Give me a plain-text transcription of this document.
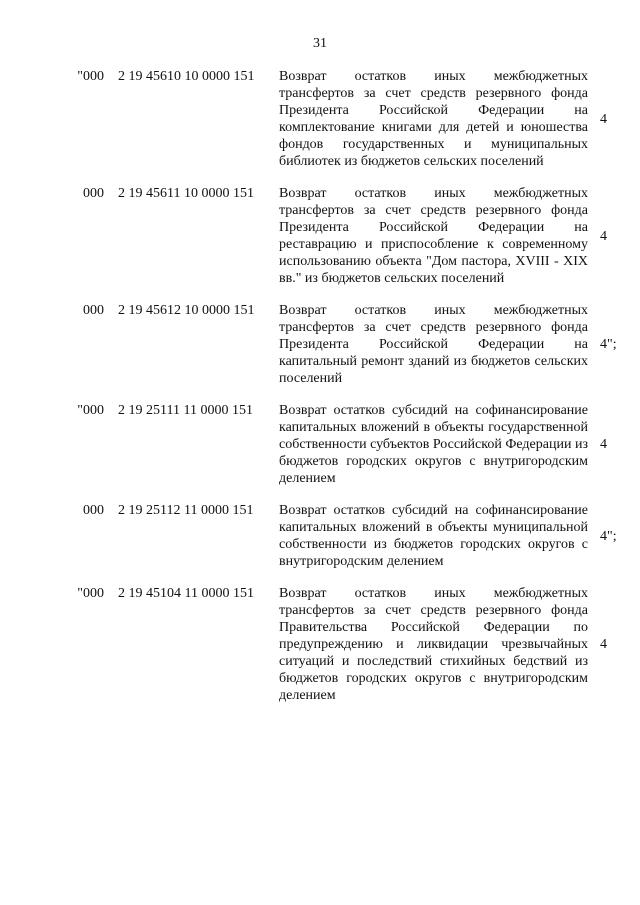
31
"000 2 19 45610 10 0000 151 Возврат остатков иных межбюджетных трансфертов за счет средств резервного фонда Президента Российской Федерации на комплектование книгами для детей и юношества фондов государственных и муниципальных библиотек из бюджетов сельских поселений
4
000 2 19 45611 10 0000 151 Возврат остатков иных межбюджетных трансфертов за счет средств резервного фонда Президента Российской Федерации на реставрацию и приспособление к современному использованию объекта "Дом пастора, XVIII - XIX вв." из бюджетов сельских поселений
4
000 2 19 45612 10 0000 151 Возврат остатков иных межбюджетных трансфертов за счет средств резервного фонда Президента Российской Федерации на капитальный ремонт зданий из бюджетов сельских поселений
4";
"000 2 19 25111 11 0000 151 Возврат остатков субсидий на софинансирование капитальных вложений в объекты государственной собственности субъектов Российской Федерации из бюджетов городских округов с внутригородским делением
4
000 2 19 25112 11 0000 151 Возврат остатков субсидий на софинансирование капитальных вложений в объекты муниципальной собственности из бюджетов городских округов с внутригородским делением
4";
"000 2 19 45104 11 0000 151 Возврат остатков иных межбюджетных трансфертов за счет средств резервного фонда Правительства Российской Федерации по предупреждению и ликвидации чрезвычайных ситуаций и последствий стихийных бедствий из бюджетов городских округов с внутригородским делением
4
